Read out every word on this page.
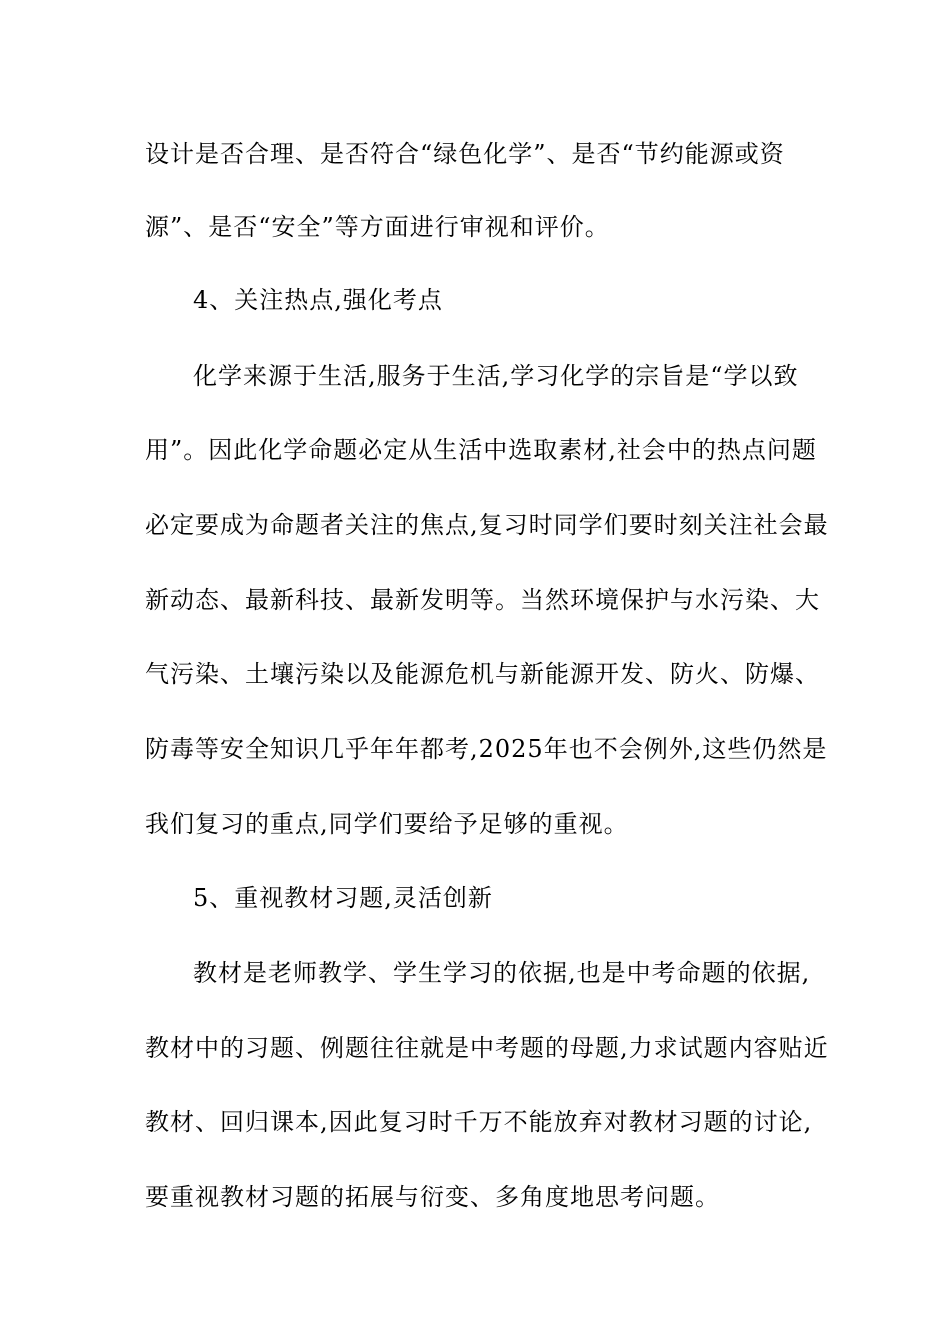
设计是否合理、是否符合“绿色化学”、是否“节约能源或资
源”、是否“安全”等方面进行审视和评价。
4、关注热点,强化考点
化学来源于生活,服务于生活,学习化学的宗旨是“学以致
用”。因此化学命题必定从生活中选取素材,社会中的热点问题
必定要成为命题者关注的焦点,复习时同学们要时刻关注社会最
新动态、最新科技、最新发明等。当然环境保护与水污染、大
气污染、土壤污染以及能源危机与新能源开发、防火、防爆、
防毒等安全知识几乎年年都考,2025年也不会例外,这些仍然是
我们复习的重点,同学们要给予足够的重视。
5、重视教材习题,灵活创新
教材是老师教学、学生学习的依据,也是中考命题的依据,
教材中的习题、例题往往就是中考题的母题,力求试题内容贴近
教材、回归课本,因此复习时千万不能放弃对教材习题的讨论,
要重视教材习题的拓展与衍变、多角度地思考问题。
